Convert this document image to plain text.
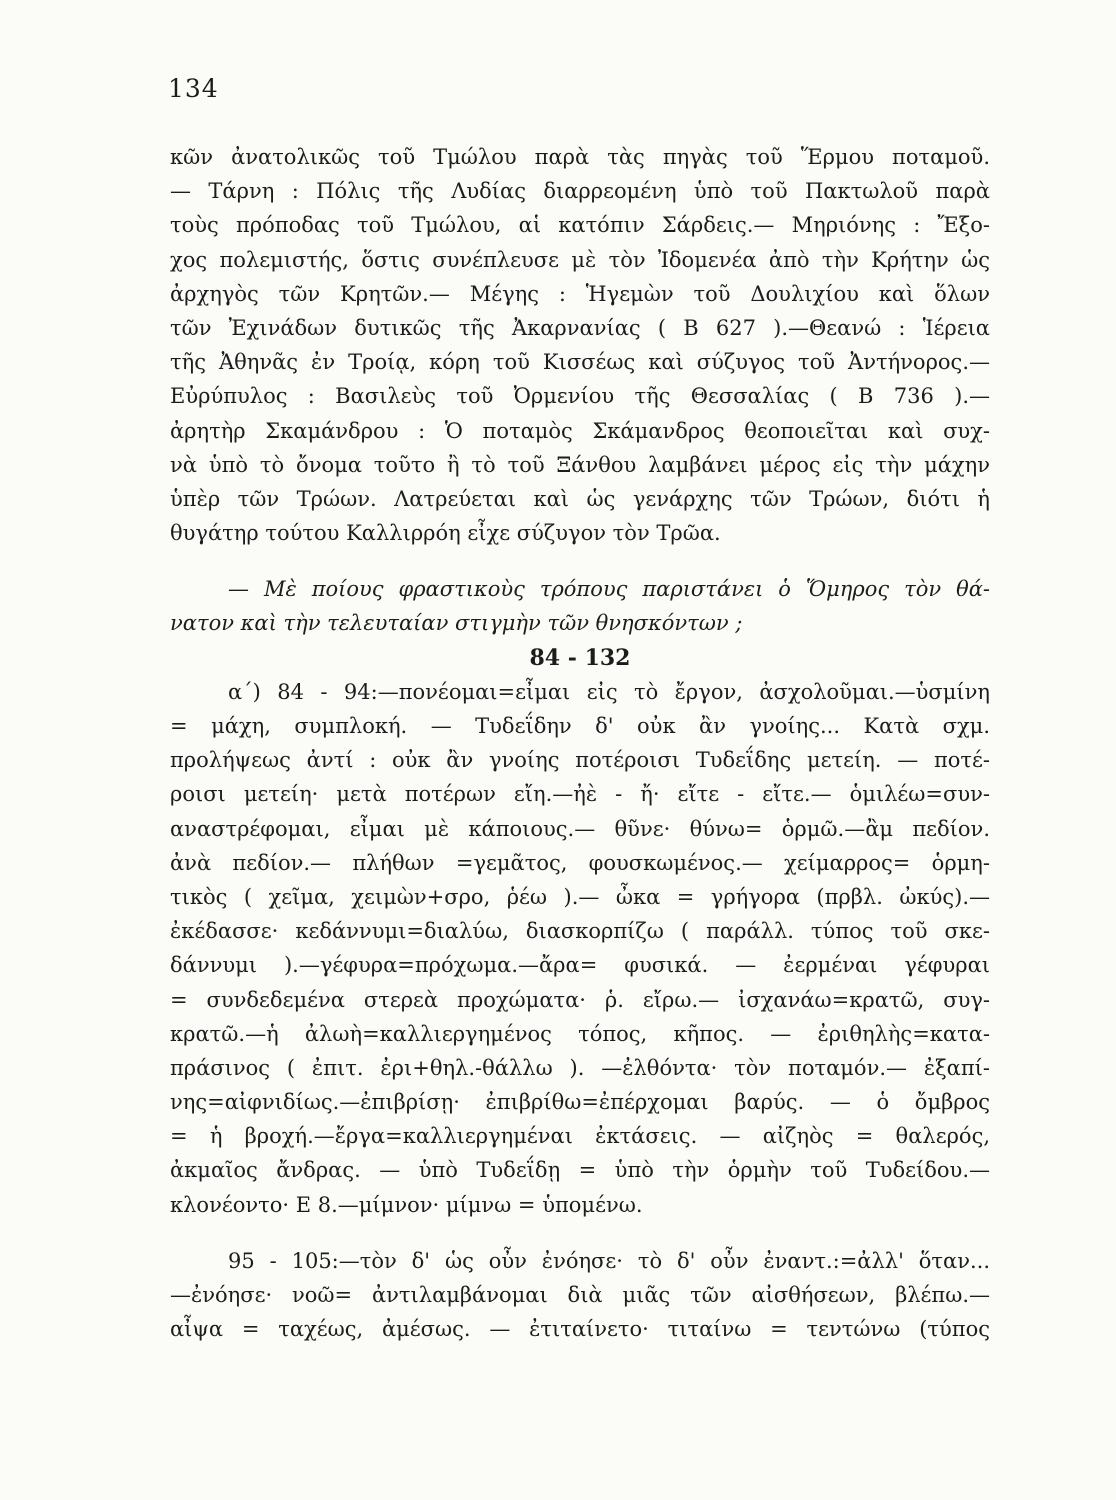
134
κῶν ἀνατολικῶς τοῦ Τμώλου παρὰ τὰς πηγὰς τοῦ Ἕρμου ποταμοῦ.
— Τάρνη : Πόλις τῆς Λυδίας διαρρεομένη ὑπὸ τοῦ Πακτωλοῦ παρὰ
τοὺς πρόποδας τοῦ Τμώλου, αἱ κατόπιν Σάρδεις.— Μηριόνης : Ἔξο-
χος πολεμιστής, ὅστις συνέπλευσε μὲ τὸν Ἰδομενέα ἀπὸ τὴν Κρήτην ὡς
ἀρχηγὸς τῶν Κρητῶν.— Μέγης : Ἡγεμὼν τοῦ Δουλιχίου καὶ ὅλων
τῶν Ἐχινάδων δυτικῶς τῆς Ἀκαρνανίας ( Β 627 ).—Θεανώ : Ἱέρεια
τῆς Ἀθηνᾶς ἐν Τροίᾳ, κόρη τοῦ Κισσέως καὶ σύζυγος τοῦ Ἀντήνορος.—
Εὐρύπυλος : Βασιλεὺς τοῦ Ὀρμενίου τῆς Θεσσαλίας ( Β 736 ).—
ἀρητὴρ Σκαμάνδρου : Ὁ ποταμὸς Σκάμανδρος θεοποιεῖται καὶ συχ-
νὰ ὑπὸ τὸ ὄνομα τοῦτο ἢ τὸ τοῦ Ξάνθου λαμβάνει μέρος εἰς τὴν μάχην
ὑπὲρ τῶν Τρώων. Λατρεύεται καὶ ὡς γενάρχης τῶν Τρώων, διότι ἡ
θυγάτηρ τούτου Καλλιρρόη εἶχε σύζυγον τὸν Τρῶα.
— Μὲ ποίους φραστικοὺς τρόπους παριστάνει ὁ Ὅμηρος τὸν θά-
νατον καὶ τὴν τελευταίαν στιγμὴν τῶν θνησκόντων ;
84 - 132
α΄) 84 - 94:—πονέομαι=εἶμαι εἰς τὸ ἔργον, ἀσχολοῦμαι.—ὑσμίνη
= μάχη, συμπλοκή. — Τυδεΐδην δ' οὐκ ἂν γνοίης... Κατὰ σχμ.
προλήψεως ἀντί : οὐκ ἂν γνοίης ποτέροισι Τυδεΐδης μετείη. — ποτέ-
ροισι μετείη· μετὰ ποτέρων εἴη.—ἠὲ - ἤ· εἴτε - εἴτε.— ὁμιλέω=συν-
αναστρέφομαι, εἶμαι μὲ κάποιους.— θῦνε· θύνω= ὁρμῶ.—ἂμ πεδίον.
ἀνὰ πεδίον.— πλήθων =γεμᾶτος, φουσκωμένος.— χείμαρρος= ὁρμη-
τικὸς ( χεῖμα, χειμὼν+σρο, ῥέω ).— ὦκα = γρήγορα (πρβλ. ὠκύς).—
ἐκέδασσε· κεδάννυμι=διαλύω, διασκορπίζω ( παράλλ. τύπος τοῦ σκε-
δάννυμι ).—γέφυρα=πρόχωμα.—ἄρα= φυσικά. — ἐερμέναι γέφυραι
= συνδεδεμένα στερεὰ προχώματα· ῥ. εἴρω.— ἰσχανάω=κρατῶ, συγ-
κρατῶ.—ἡ ἀλωὴ=καλλιεργημένος τόπος, κῆπος. — ἐριθηλὴς=κατα-
πράσινος ( ἐπιτ. ἐρι+θηλ.-θάλλω ). —ἐλθόντα· τὸν ποταμόν.— ἐξαπί-
νης=αἰφνιδίως.—ἐπιβρίσῃ· ἐπιβρίθω=ἐπέρχομαι βαρύς. — ὁ ὄμβρος
= ἡ βροχή.—ἔργα=καλλιεργημέναι ἐκτάσεις. — αἰζηὸς = θαλερός,
ἀκμαῖος ἄνδρας. — ὑπὸ Τυδεΐδῃ = ὑπὸ τὴν ὁρμὴν τοῦ Τυδείδου.—
κλονέοντο· Ε 8.—μίμνον· μίμνω = ὑπομένω.
95 - 105:—τὸν δ' ὡς οὖν ἐνόησε· τὸ δ' οὖν ἐναντ.:=ἀλλ' ὅταν...
—ἐνόησε· νοῶ= ἀντιλαμβάνομαι διὰ μιᾶς τῶν αἰσθήσεων, βλέπω.—
αἶψα = ταχέως, ἀμέσως. — ἐτιταίνετο· τιταίνω = τεντώνω (τύπος
